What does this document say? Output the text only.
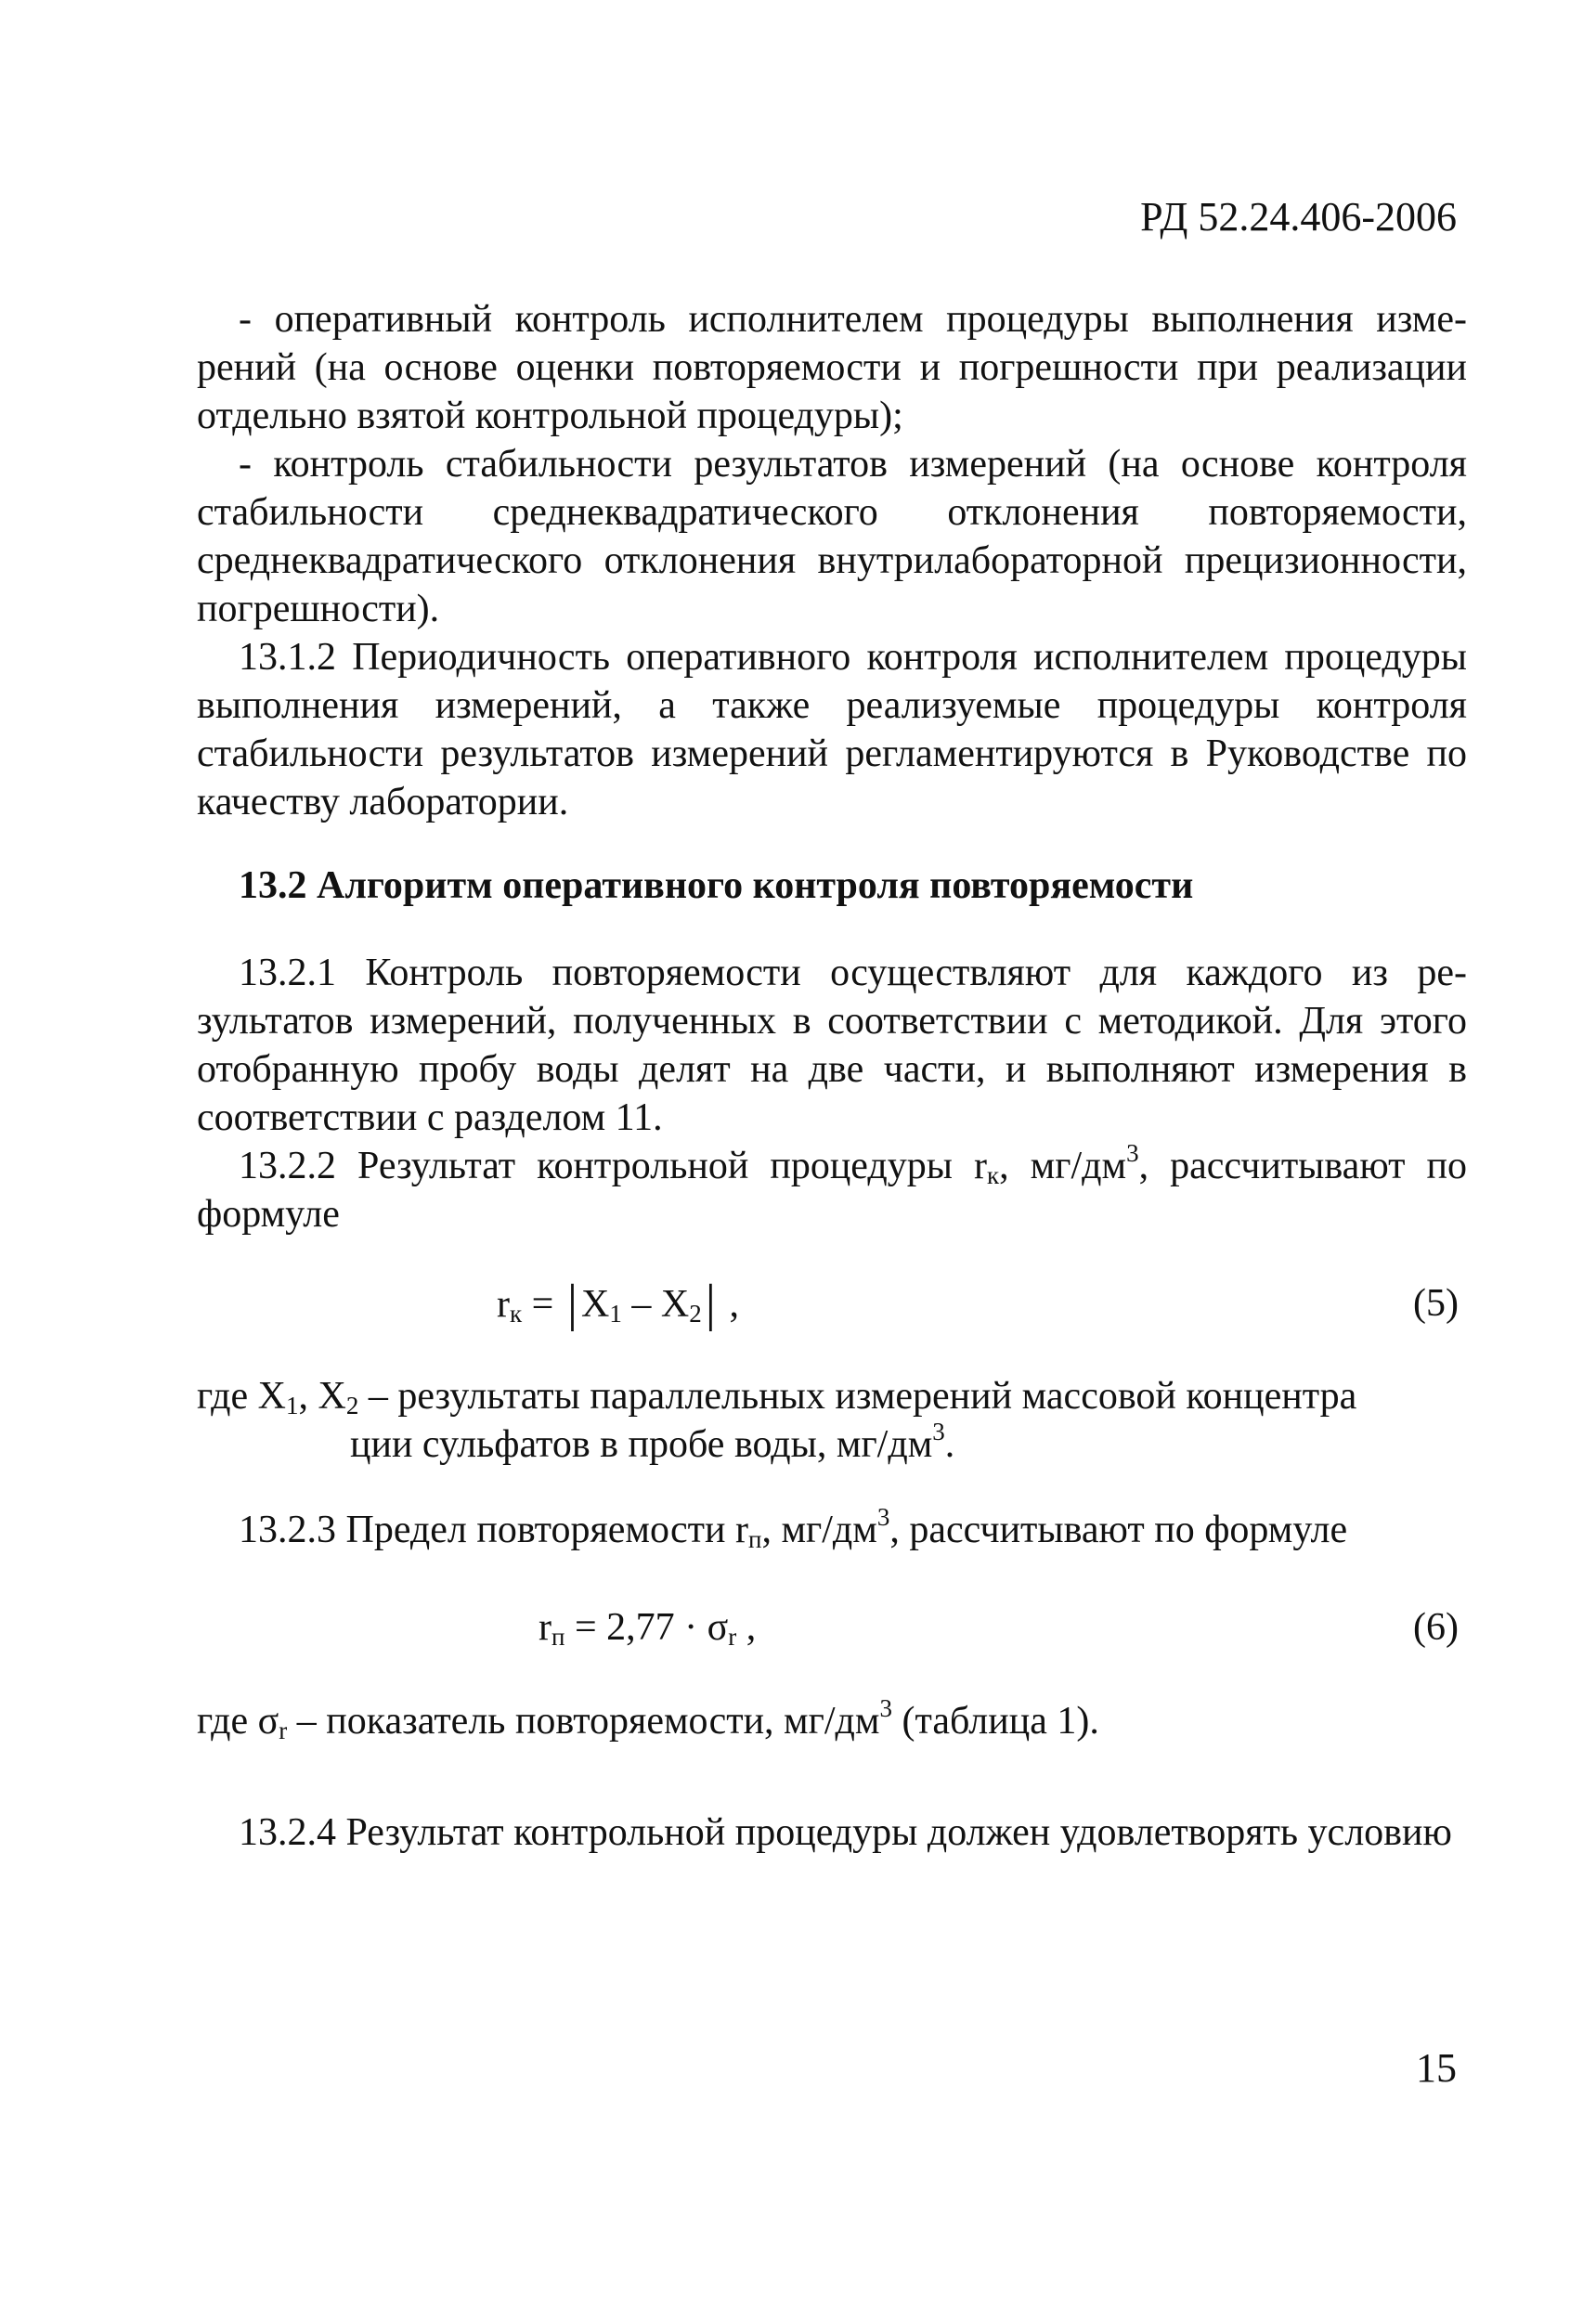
РД 52.24.406-2006

- оперативный контроль исполнителем процедуры выполнения измерений (на основе оценки повторяемости и погрешности при реализации отдельно взятой контрольной процедуры);

- контроль стабильности результатов измерений (на основе контроля стабильности среднеквадратического отклонения повторяемости, среднеквадратического отклонения внутрилабораторной прецизионности, погрешности).

13.1.2 Периодичность оперативного контроля исполнителем процедуры выполнения измерений, а также реализуемые процедуры контроля стабильности результатов измерений регламентируются в Руководстве по качеству лаборатории.

13.2 Алгоритм оперативного контроля повторяемости

13.2.1 Контроль повторяемости осуществляют для каждого из результатов измерений, полученных в соответствии с методикой. Для этого отобранную пробу воды делят на две части, и выполняют измерения в соответствии с разделом 11.

13.2.2 Результат контрольной процедуры $r_к$, $мг/дм^3$, рассчитывают по формуле

$r_к = |X_1 - X_2|$ ,	(5)
где $X_1$, $X_2$ – результаты параллельных измерений массовой концентра
ции сульфатов в пробе воды, $мг/дм^3$.
13.2.3 Предел повторяемости $r_п$, $мг/дм^3$, рассчитывают по формуле
$r_п = 2,77 \cdot \sigma_r$ ,	(6)
где $\sigma_r$ – показатель повторяемости, $мг/дм^3$ (таблица 1).

13.2.4 Результат контрольной процедуры должен удовлетворять условию

15
